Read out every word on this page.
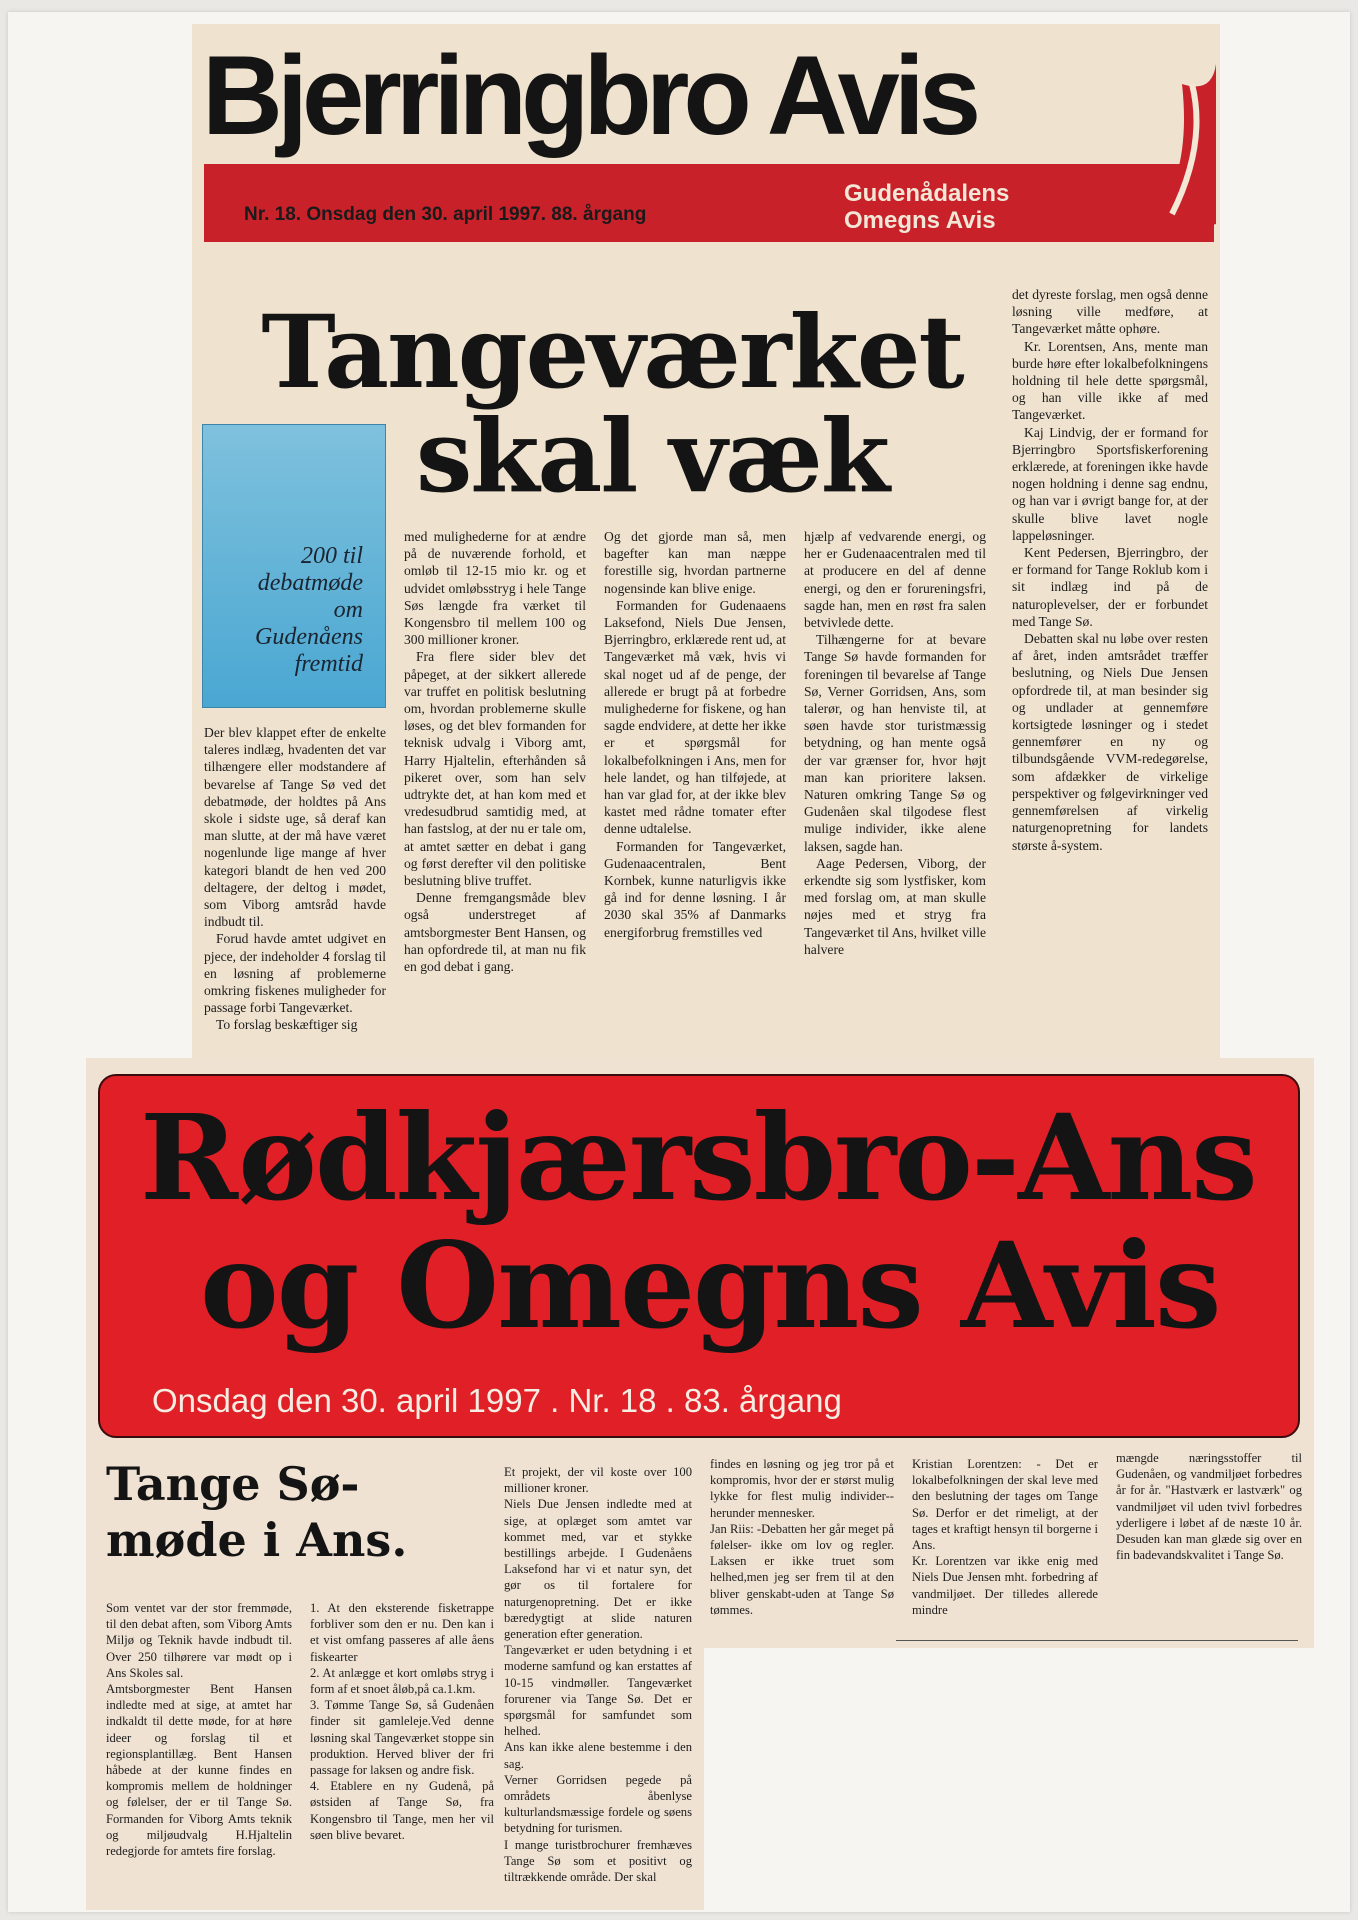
Bjerringbro Avis
Nr. 18. Onsdag den 30. april 1997. 88. årgang
Gudenådalens
Omegns Avis
Tangeværket
skal væk
200 til
debatmøde
om
Gudenåens
fremtid

Der blev klappet efter de enkelte taleres indlæg, hvadenten det var tilhængere eller modstandere af bevarelse af Tange Sø ved det debatmøde, der holdtes på Ans skole i sidste uge, så deraf kan man slutte, at der må have været nogenlunde lige mange af hver kategori blandt de hen ved 200 deltagere, der deltog i mødet, som Viborg amtsråd havde indbudt til.

Forud havde amtet udgivet en pjece, der indeholder 4 forslag til en løsning af problemerne omkring fiskenes muligheder for passage forbi Tangeværket.

To forslag beskæftiger sig

med mulighederne for at ændre på de nuværende forhold, et omløb til 12-15 mio kr. og et udvidet omløbsstryg i hele Tange Søs længde fra værket til Kongensbro til mellem 100 og 300 millioner kroner.

Fra flere sider blev det påpeget, at der sikkert allerede var truffet en politisk beslutning om, hvordan problemerne skulle løses, og det blev formanden for teknisk udvalg i Viborg amt, Harry Hjaltelin, efterhånden så pikeret over, som han selv udtrykte det, at han kom med et vredesudbrud samtidig med, at han fastslog, at der nu er tale om, at amtet sætter en debat i gang og først derefter vil den politiske beslutning blive truffet.

Denne fremgangsmåde blev også understreget af amtsborgmester Bent Hansen, og han opfordrede til, at man nu fik en god debat i gang.

Og det gjorde man så, men bagefter kan man næppe forestille sig, hvordan partnerne nogensinde kan blive enige.

Formanden for Gudenaaens Laksefond, Niels Due Jensen, Bjerringbro, erklærede rent ud, at Tangeværket må væk, hvis vi skal noget ud af de penge, der allerede er brugt på at forbedre mulighederne for fiskene, og han sagde endvidere, at dette her ikke er et spørgsmål for lokalbefolkningen i Ans, men for hele landet, og han tilføjede, at han var glad for, at der ikke blev kastet med rådne tomater efter denne udtalelse.

Formanden for Tangeværket, Gudenaacentralen, Bent Kornbek, kunne naturligvis ikke gå ind for denne løsning. I år 2030 skal 35% af Danmarks energiforbrug fremstilles ved

hjælp af vedvarende energi, og her er Gudenaacentralen med til at producere en del af denne energi, og den er forureningsfri, sagde han, men en røst fra salen betvivlede dette.

Tilhængerne for at bevare Tange Sø havde formanden for foreningen til bevarelse af Tange Sø, Verner Gorridsen, Ans, som talerør, og han henviste til, at søen havde stor turistmæssig betydning, og han mente også der var grænser for, hvor højt man kan prioritere laksen. Naturen omkring Tange Sø og Gudenåen skal tilgodese flest mulige individer, ikke alene laksen, sagde han.

Aage Pedersen, Viborg, der erkendte sig som lystfisker, kom med forslag om, at man skulle nøjes med et stryg fra Tangeværket til Ans, hvilket ville halvere

det dyreste forslag, men også denne løsning ville medføre, at Tangeværket måtte ophøre.

Kr. Lorentsen, Ans, mente man burde høre efter lokalbefolkningens holdning til hele dette spørgsmål, og han ville ikke af med Tangeværket.

Kaj Lindvig, der er formand for Bjerringbro Sportsfiskerforening erklærede, at foreningen ikke havde nogen holdning i denne sag endnu, og han var i øvrigt bange for, at der skulle blive lavet nogle lappeløsninger.

Kent Pedersen, Bjerringbro, der er formand for Tange Roklub kom i sit indlæg ind på de naturoplevelser, der er forbundet med Tange Sø.

Debatten skal nu løbe over resten af året, inden amtsrådet træffer beslutning, og Niels Due Jensen opfordrede til, at man besinder sig og undlader at gennemføre kortsigtede løsninger og i stedet gennemfører en ny og tilbundsgående VVM-redegørelse, som afdækker de virkelige perspektiver og følgevirkninger ved gennemførelsen af virkelig naturgenopretning for landets største å-system.

Rødkjærsbro-Ans
og Omegns Avis
Onsdag den 30. april 1997 . Nr. 18 . 83. årgang
Tange Sø-
møde i Ans.

Som ventet var der stor fremmøde, til den debat aften, som Viborg Amts Miljø og Teknik havde indbudt til. Over 250 tilhørere var mødt op i Ans Skoles sal.

Amtsborgmester Bent Hansen indledte med at sige, at amtet har indkaldt til dette møde, for at høre ideer og forslag til et regionsplantillæg. Bent Hansen håbede at der kunne findes en kompromis mellem de holdninger og følelser, der er til Tange Sø. Formanden for Viborg Amts teknik og miljøudvalg H.Hjaltelin redegjorde for amtets fire forslag.

1. At den eksterende fisketrappe forbliver som den er nu. Den kan i et vist omfang passeres af alle åens fiskearter

2. At anlægge et kort omløbs stryg i form af et snoet åløb,på ca.1.km.

3. Tømme Tange Sø, så Gudenåen finder sit gamleleje.Ved denne løsning skal Tangeværket stoppe sin produktion. Herved bliver der fri passage for laksen og andre fisk.

4. Etablere en ny Gudenå, på østsiden af Tange Sø, fra Kongensbro til Tange, men her vil søen blive bevaret.

Et projekt, der vil koste over 100 millioner kroner.

Niels Due Jensen indledte med at sige, at oplæget som amtet var kommet med, var et stykke bestillings arbejde. I Gudenåens Laksefond har vi et natur syn, det gør os til fortalere for naturgenopretning. Det er ikke bæredygtigt at slide naturen generation efter generation.

Tangeværket er uden betydning i et moderne samfund og kan erstattes af 10-15 vindmøller. Tangeværket forurener via Tange Sø. Det er spørgsmål for samfundet som helhed.

Ans kan ikke alene bestemme i den sag.

Verner Gorridsen pegede på områdets åbenlyse kulturlandsmæssige fordele og søens betydning for turismen.

I mange turistbrochurer fremhæves Tange Sø som et positivt og tiltrækkende område. Der skal

findes en løsning og jeg tror på et kompromis, hvor der er størst mulig lykke for flest mulig individer--herunder mennesker.

Jan Riis: -Debatten her går meget på følelser- ikke om lov og regler. Laksen er ikke truet som helhed,men jeg ser frem til at den bliver genskabt-uden at Tange Sø tømmes.

Kristian Lorentzen: - Det er lokalbefolkningen der skal leve med den beslutning der tages om Tange Sø. Derfor er det rimeligt, at der tages et kraftigt hensyn til borgerne i Ans.

Kr. Lorentzen var ikke enig med Niels Due Jensen mht. forbedring af vandmiljøet. Der tilledes allerede mindre

mængde næringsstoffer til Gudenåen, og vandmiljøet forbedres år for år. "Hastværk er lastværk" og vandmiljøet vil uden tvivl forbedres yderligere i løbet af de næste 10 år. Desuden kan man glæde sig over en fin badevandskvalitet i Tange Sø.
